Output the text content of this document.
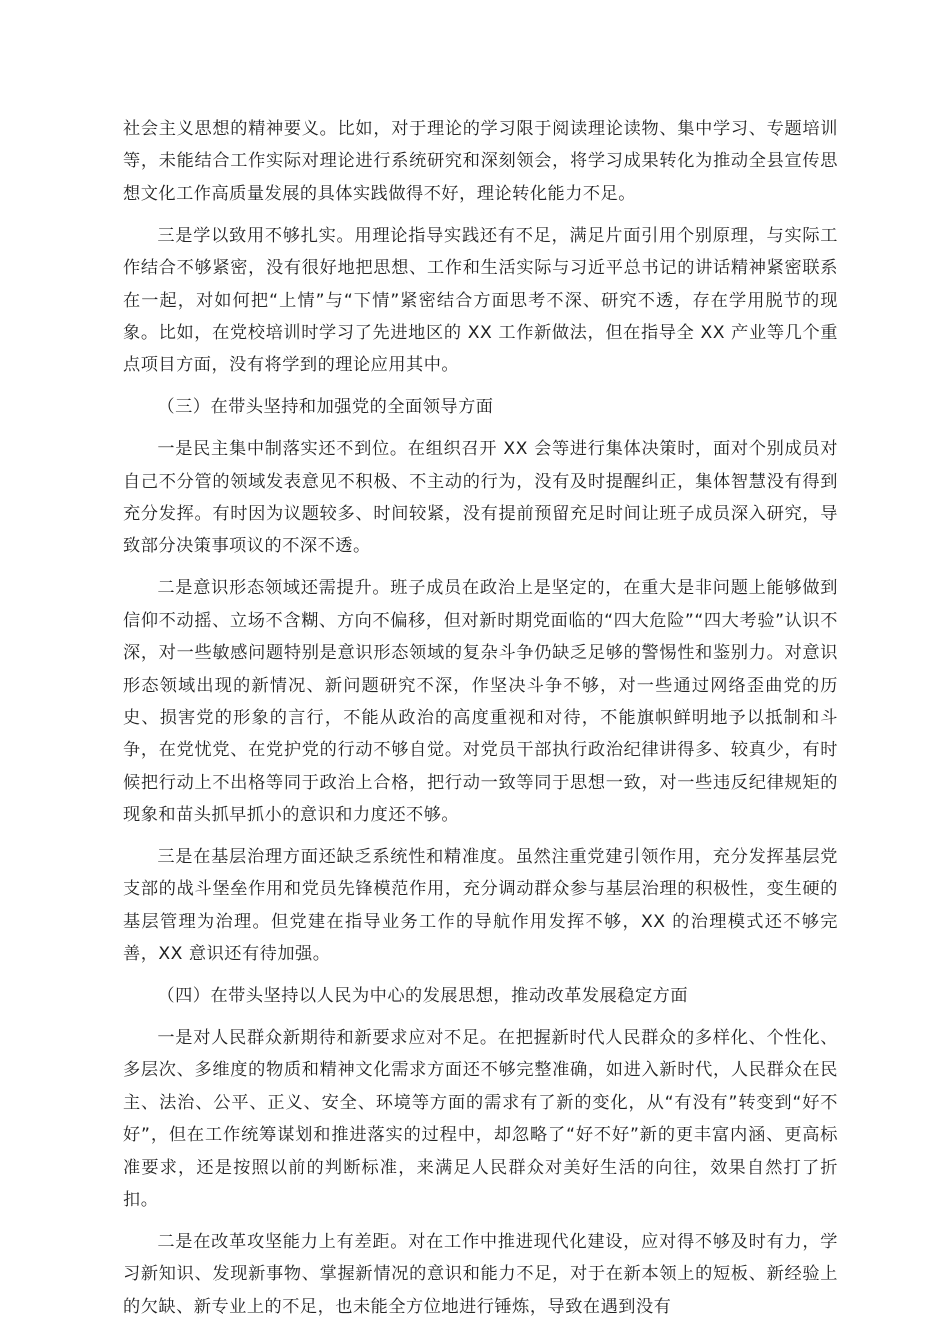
社会主义思想的精神要义。比如，对于理论的学习限于阅读理论读物、集中学习、专题培训等，未能结合工作实际对理论进行系统研究和深刻领会，将学习成果转化为推动全县宣传思想文化工作高质量发展的具体实践做得不好，理论转化能力不足。

三是学以致用不够扎实。用理论指导实践还有不足，满足片面引用个别原理，与实际工作结合不够紧密，没有很好地把思想、工作和生活实际与习近平总书记的讲话精神紧密联系在一起，对如何把“上情”与“下情”紧密结合方面思考不深、研究不透，存在学用脱节的现象。比如，在党校培训时学习了先进地区的 XX 工作新做法，但在指导全 XX 产业等几个重点项目方面，没有将学到的理论应用其中。

（三）在带头坚持和加强党的全面领导方面

一是民主集中制落实还不到位。在组织召开 XX 会等进行集体决策时，面对个别成员对自己不分管的领域发表意见不积极、不主动的行为，没有及时提醒纠正，集体智慧没有得到充分发挥。有时因为议题较多、时间较紧，没有提前预留充足时间让班子成员深入研究，导致部分决策事项议的不深不透。

二是意识形态领域还需提升。班子成员在政治上是坚定的，在重大是非问题上能够做到信仰不动摇、立场不含糊、方向不偏移，但对新时期党面临的“四大危险”“四大考验”认识不深，对一些敏感问题特别是意识形态领域的复杂斗争仍缺乏足够的警惕性和鉴别力。对意识形态领域出现的新情况、新问题研究不深，作坚决斗争不够，对一些通过网络歪曲党的历史、损害党的形象的言行，不能从政治的高度重视和对待，不能旗帜鲜明地予以抵制和斗争，在党忧党、在党护党的行动不够自觉。对党员干部执行政治纪律讲得多、较真少，有时候把行动上不出格等同于政治上合格，把行动一致等同于思想一致，对一些违反纪律规矩的现象和苗头抓早抓小的意识和力度还不够。

三是在基层治理方面还缺乏系统性和精准度。虽然注重党建引领作用，充分发挥基层党支部的战斗堡垒作用和党员先锋模范作用，充分调动群众参与基层治理的积极性，变生硬的基层管理为治理。但党建在指导业务工作的导航作用发挥不够，XX 的治理模式还不够完善，XX 意识还有待加强。

（四）在带头坚持以人民为中心的发展思想，推动改革发展稳定方面

一是对人民群众新期待和新要求应对不足。在把握新时代人民群众的多样化、个性化、多层次、多维度的物质和精神文化需求方面还不够完整准确，如进入新时代，人民群众在民主、法治、公平、正义、安全、环境等方面的需求有了新的变化，从“有没有”转变到“好不好”，但在工作统筹谋划和推进落实的过程中，却忽略了“好不好”新的更丰富内涵、更高标准要求，还是按照以前的判断标准，来满足人民群众对美好生活的向往，效果自然打了折扣。

二是在改革攻坚能力上有差距。对在工作中推进现代化建设，应对得不够及时有力，学习新知识、发现新事物、掌握新情况的意识和能力不足，对于在新本领上的短板、新经验上的欠缺、新专业上的不足，也未能全方位地进行锤炼，导致在遇到没有
